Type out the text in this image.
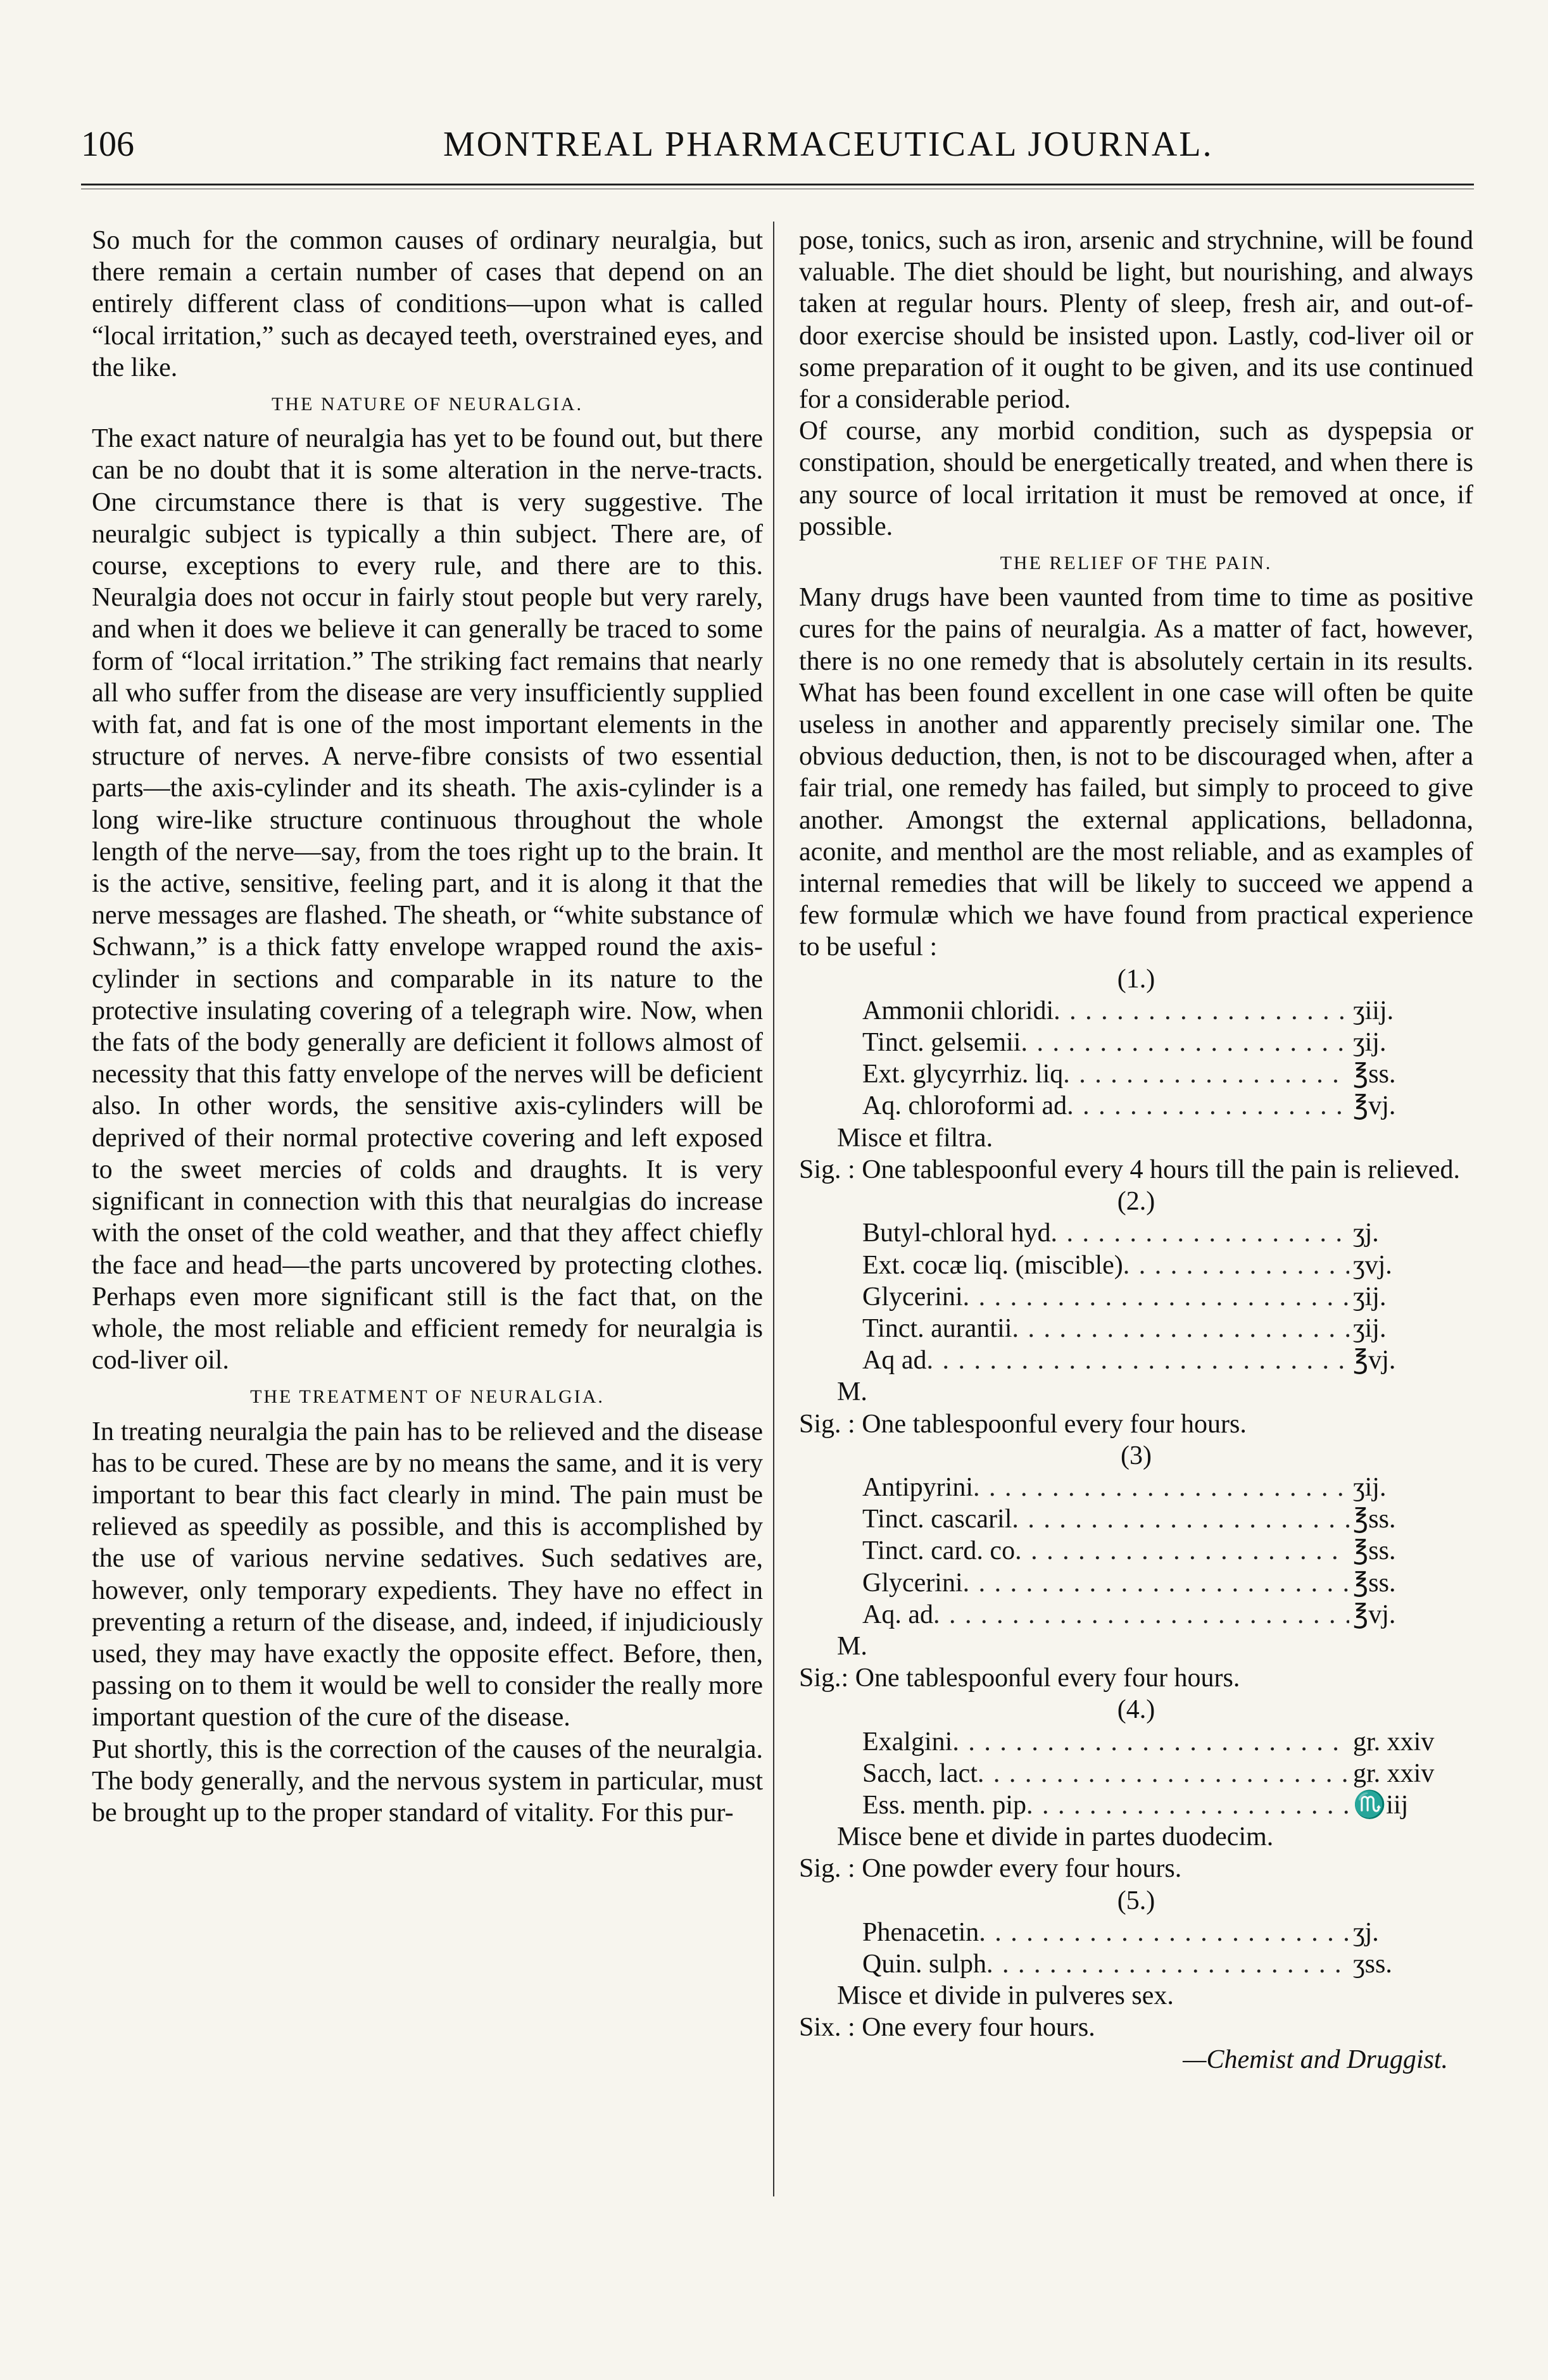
106	MONTREAL PHARMACEUTICAL JOURNAL.

So much for the common causes of ordinary neuralgia, but there remain a certain number of cases that depend on an entirely different class of conditions—upon what is called “local irritation,” such as decayed teeth, overstrained eyes, and the like.

THE NATURE OF NEURALGIA.

The exact nature of neuralgia has yet to be found out, but there can be no doubt that it is some alteration in the nerve-tracts. One circumstance there is that is very suggestive. The neuralgic subject is typically a thin subject. There are, of course, exceptions to every rule, and there are to this. Neuralgia does not occur in fairly stout people but very rarely, and when it does we believe it can generally be traced to some form of “local irritation.” The striking fact remains that nearly all who suffer from the disease are very insufficiently supplied with fat, and fat is one of the most important elements in the structure of nerves. A nerve-fibre consists of two essential parts—the axis-cylinder and its sheath. The axis-cylinder is a long wire-like structure continuous throughout the whole length of the nerve—say, from the toes right up to the brain. It is the active, sensitive, feeling part, and it is along it that the nerve messages are flashed. The sheath, or “white substance of Schwann,” is a thick fatty envelope wrapped round the axis-cylinder in sections and comparable in its nature to the protective insulating covering of a telegraph wire. Now, when the fats of the body generally are deficient it follows almost of necessity that this fatty envelope of the nerves will be deficient also. In other words, the sensitive axis-cylinders will be deprived of their normal protective covering and left exposed to the sweet mercies of colds and draughts. It is very significant in connection with this that neuralgias do increase with the onset of the cold weather, and that they affect chiefly the face and head—the parts uncovered by protecting clothes. Perhaps even more significant still is the fact that, on the whole, the most reliable and efficient remedy for neuralgia is cod-liver oil.

THE TREATMENT OF NEURALGIA.

In treating neuralgia the pain has to be relieved and the disease has to be cured. These are by no means the same, and it is very important to bear this fact clearly in mind. The pain must be relieved as speedily as possible, and this is accomplished by the use of various nervine sedatives. Such sedatives are, however, only temporary expedients. They have no effect in preventing a return of the disease, and, indeed, if injudiciously used, they may have exactly the opposite effect. Before, then, passing on to them it would be well to consider the really more important question of the cure of the disease.

Put shortly, this is the correction of the causes of the neuralgia. The body generally, and the nervous system in particular, must be brought up to the proper standard of vitality. For this pur-

pose, tonics, such as iron, arsenic and strychnine, will be found valuable. The diet should be light, but nourishing, and always taken at regular hours. Plenty of sleep, fresh air, and out-of-door exercise should be insisted upon. Lastly, cod-liver oil or some preparation of it ought to be given, and its use continued for a considerable period.

Of course, any morbid condition, such as dyspepsia or constipation, should be energetically treated, and when there is any source of local irritation it must be removed at once, if possible.

THE RELIEF OF THE PAIN.

Many drugs have been vaunted from time to time as positive cures for the pains of neuralgia. As a matter of fact, however, there is no one remedy that is absolutely certain in its results. What has been found excellent in one case will often be quite useless in another and apparently precisely similar one. The obvious deduction, then, is not to be discouraged when, after a fair trial, one remedy has failed, but simply to proceed to give another. Amongst the external applications, belladonna, aconite, and menthol are the most reliable, and as examples of internal remedies that will be likely to succeed we append a few formulæ which we have found from practical experience to be useful :

(1.)
Ammonii chloridi . . .	ʒiij.
Tinct. gelsemii . . .	ʒij.
Ext. glycyrrhiz. liq . . .	℥ss.
Aq. chloroformi ad . . .	℥vj.
Misce et filtra.
Sig. : One tablespoonful every 4 hours till the pain is relieved.
(2.)
Butyl-chloral hyd . . .	ʒj.
Ext. cocæ liq. (miscible) . . .	ʒvj.
Glycerini . . .	ʒij.
Tinct. aurantii . . .	ʒij.
Aq ad . . .	℥vj.
M.
Sig. : One tablespoonful every four hours.
(3)
Antipyrini . . .	ʒij.
Tinct. cascaril . . .	℥ss.
Tinct. card. co . . .	℥ss.
Glycerini . . .	℥ss.
Aq. ad . . .	℥vj.
M.
Sig.: One tablespoonful every four hours.
(4.)
Exalgini . . .	gr. xxiv
Sacch, lact . . .	gr. xxiv
Ess. menth. pip . . .	♏iij
Misce bene et divide in partes duodecim.
Sig. : One powder every four hours.
(5.)
Phenacetin . . .	ʒj.
Quin. sulph . . .	ʒss.
Misce et divide in pulveres sex.
Six. : One every four hours.
—Chemist and Druggist.
